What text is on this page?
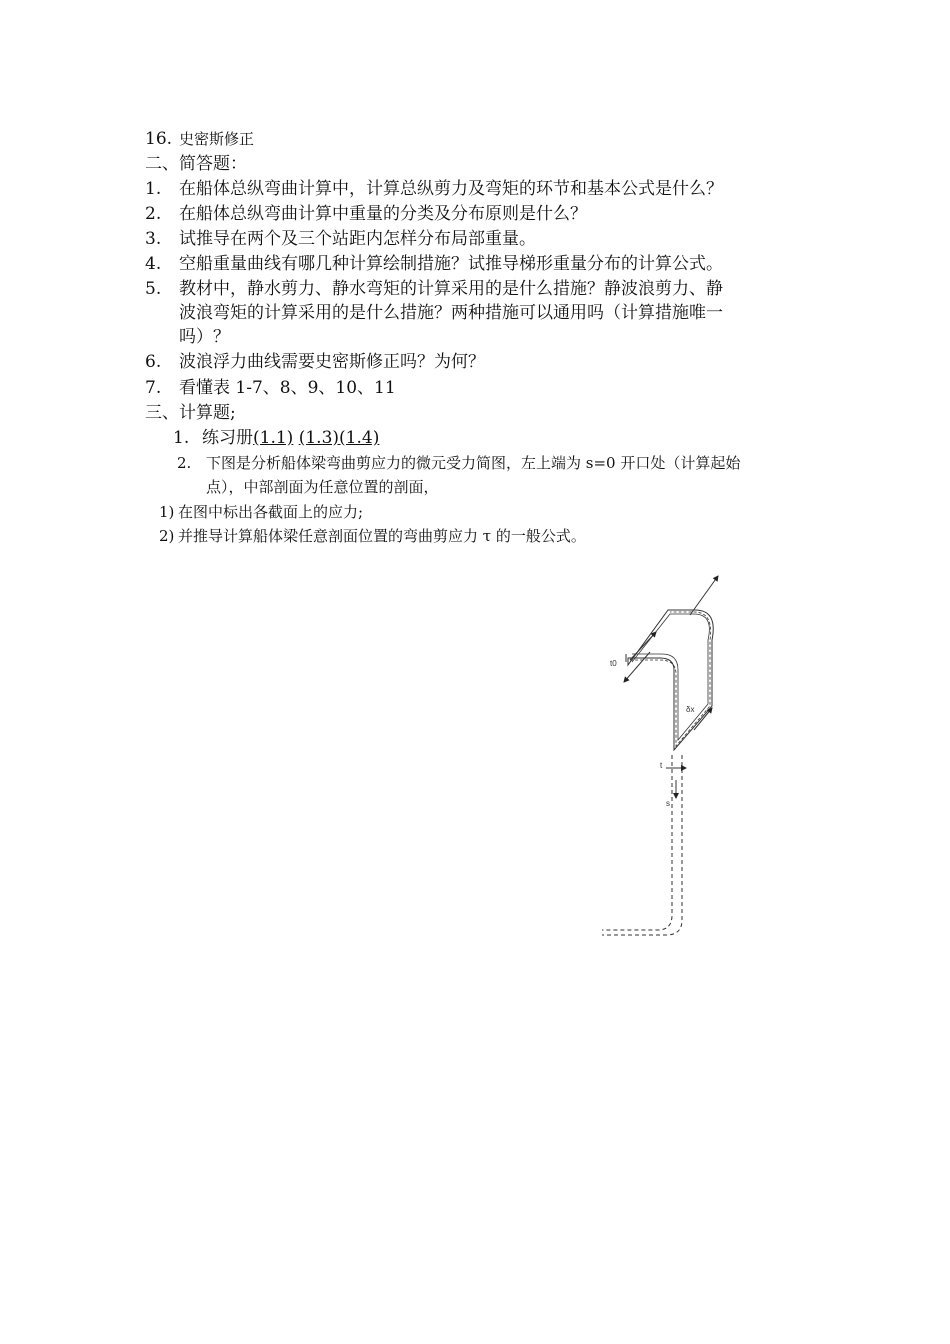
16. 史密斯修正
二、简答题：
1. 在船体总纵弯曲计算中，计算总纵剪力及弯矩的环节和基本公式是什么？
2. 在船体总纵弯曲计算中重量的分类及分布原则是什么？
3. 试推导在两个及三个站距内怎样分布局部重量。
4. 空船重量曲线有哪几种计算绘制措施？试推导梯形重量分布的计算公式。
5. 教材中，静水剪力、静水弯矩的计算采用的是什么措施？静波浪剪力、静
波浪弯矩的计算采用的是什么措施？两种措施可以通用吗（计算措施唯一
吗）？
6. 波浪浮力曲线需要史密斯修正吗？为何？
7. 看懂表 1-7、8、9、10、11
三、计算题;
1. 练习册(1.1) (1.3)(1.4)
2. 下图是分析船体梁弯曲剪应力的微元受力简图，左上端为 s=0 开口处（计算起始
点），中部剖面为任意位置的剖面，
1) 在图中标出各截面上的应力;
2) 并推导计算船体梁任意剖面位置的弯曲剪应力 τ 的一般公式。
t0
δx
t
s
